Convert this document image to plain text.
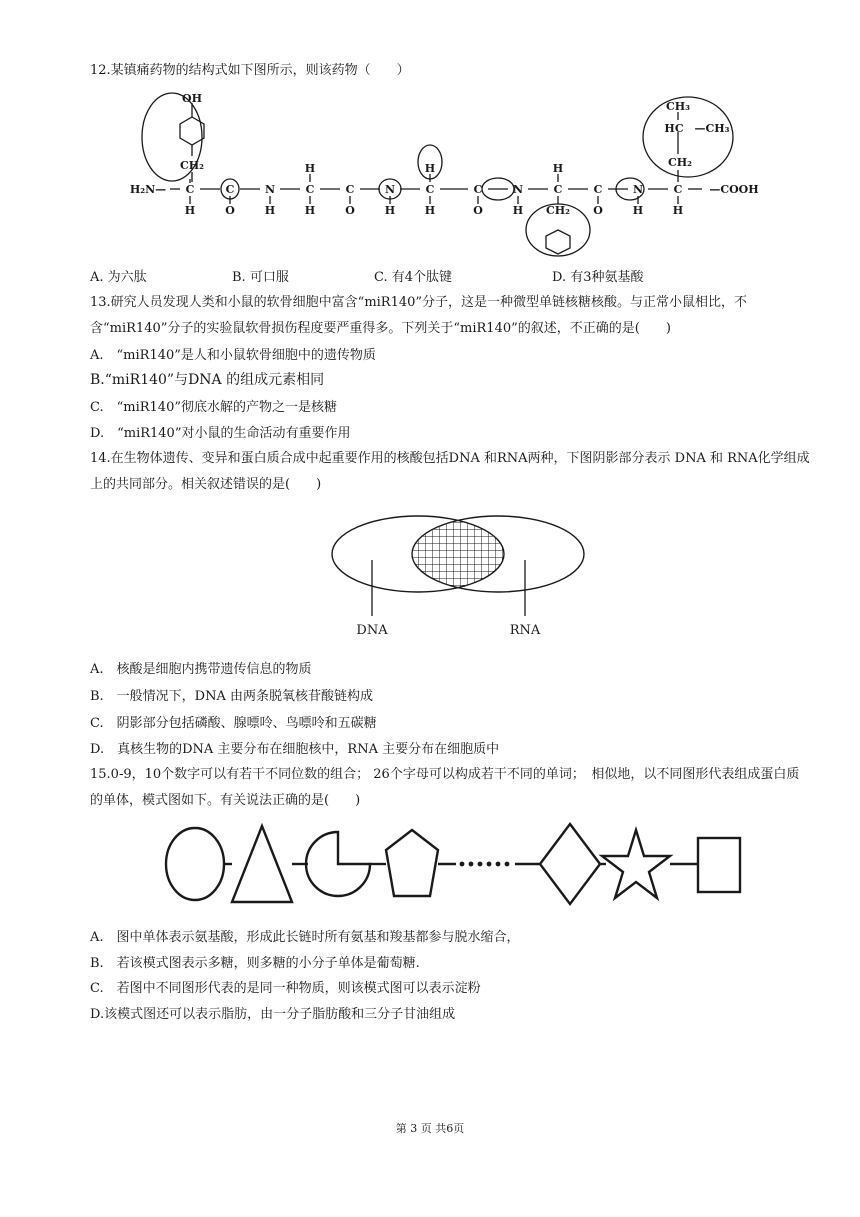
12.某镇痛药物的结构式如下图所示，则该药物（　　）
OH
CH₂	H	H	H
CH₃
HC —CH₃
CH₂
H₂N— C	C	N	C	C	N	C	C	N	C	C	N	C —COOH
H	O	H	H	O	H	H	O	H CH₂ O	H	H
A. 为六肽	B. 可口服	C. 有4个肽键	D. 有3种氨基酸
13.研究人员发现人类和小鼠的软骨细胞中富含“miR140”分子，这是一种微型单链核糖核酸。与正常小鼠相比，不含“miR140”分子的实验鼠软骨损伤程度要严重得多。下列关于“miR140”的叙述，不正确的是(　　)
A.　“miR140”是人和小鼠软骨细胞中的遗传物质
B.“miR140”与DNA 的组成元素相同
C.　“miR140”彻底水解的产物之一是核糖
D.　“miR140”对小鼠的生命活动有重要作用
14.在生物体遗传、变异和蛋白质合成中起重要作用的核酸包括DNA 和RNA两种，下图阴影部分表示 DNA 和 RNA化学组成上的共同部分。相关叙述错误的是(　　)
DNA	RNA
A.　核酸是细胞内携带遗传信息的物质
B.　一般情况下，DNA 由两条脱氧核苷酸链构成
C.　阴影部分包括磷酸、腺嘌呤、鸟嘌呤和五碳糖
D.　真核生物的DNA 主要分布在细胞核中，RNA 主要分布在细胞质中
15.0-9，10个数字可以有若干不同位数的组合； 26个字母可以构成若干不同的单词；　相似地，以不同图形代表组成蛋白质的单体，模式图如下。有关说法正确的是(　　)
A.　图中单体表示氨基酸，形成此长链时所有氨基和羧基都参与脱水缩合，
B.　若该模式图表示多糖，则多糖的小分子单体是葡萄糖.
C.　若图中不同图形代表的是同一种物质，则该模式图可以表示淀粉
D.该模式图还可以表示脂肪，由一分子脂肪酸和三分子甘油组成
第 3 页 共6页
